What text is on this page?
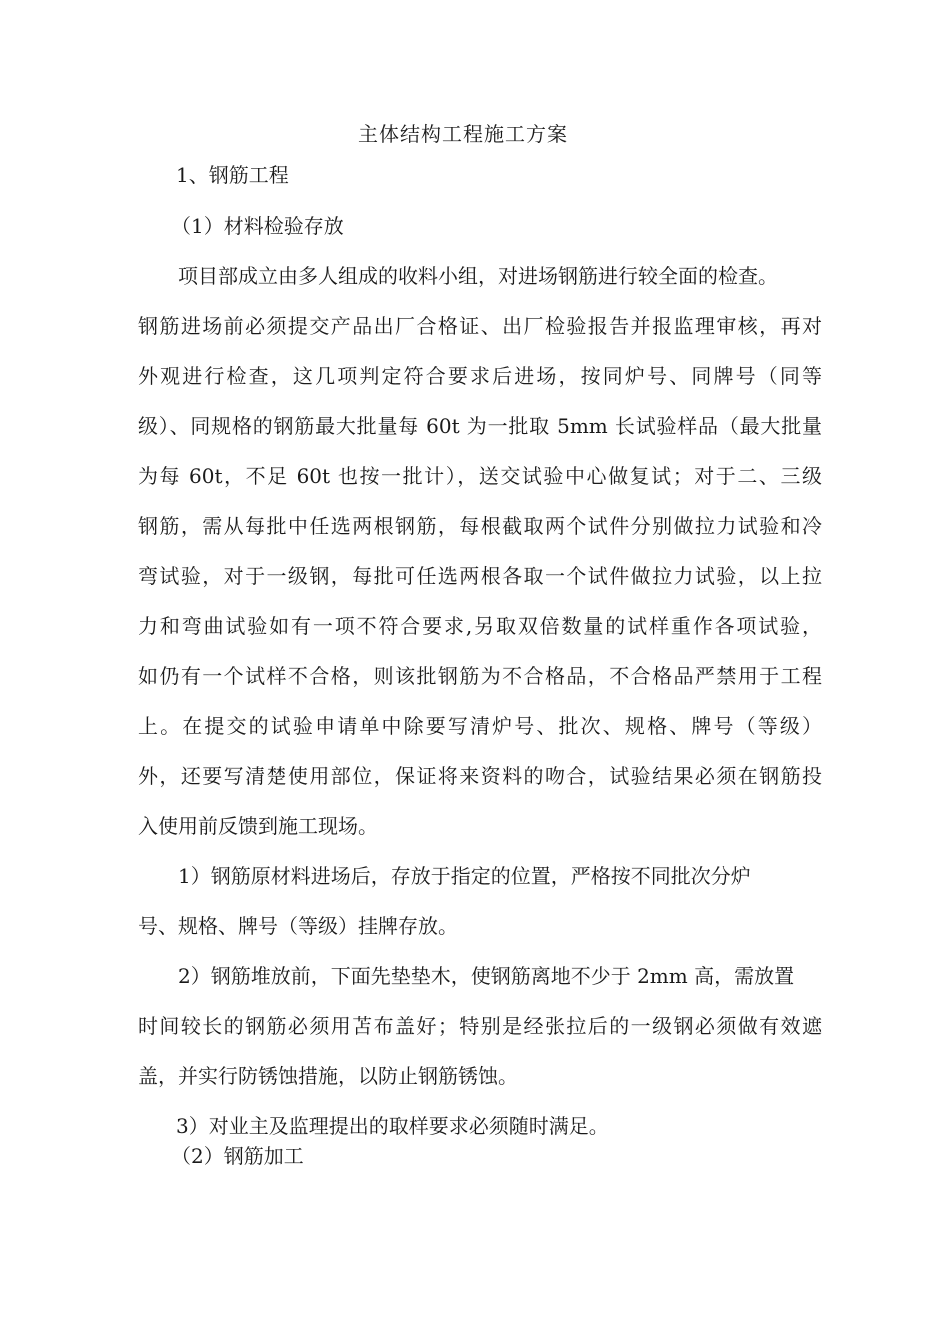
主体结构工程施工方案
1、钢筋工程
（1）材料检验存放
项目部成立由多人组成的收料小组，对进场钢筋进行较全面的检查。
钢筋进场前必须提交产品出厂合格证、出厂检验报告并报监理审核，再对
外观进行检查，这几项判定符合要求后进场，按同炉号、同牌号（同等
级）、同规格的钢筋最大批量每 60t 为一批取 5mm 长试验样品（最大批量
为每 60t，不足 60t 也按一批计），送交试验中心做复试；对于二、三级
钢筋，需从每批中任选两根钢筋，每根截取两个试件分别做拉力试验和冷
弯试验，对于一级钢，每批可任选两根各取一个试件做拉力试验，以上拉
力和弯曲试验如有一项不符合要求,另取双倍数量的试样重作各项试验，
如仍有一个试样不合格，则该批钢筋为不合格品，不合格品严禁用于工程
上。在提交的试验申请单中除要写清炉号、批次、规格、牌号（等级）
外，还要写清楚使用部位，保证将来资料的吻合，试验结果必须在钢筋投
入使用前反馈到施工现场。
1）钢筋原材料进场后，存放于指定的位置，严格按不同批次分炉
号、规格、牌号（等级）挂牌存放。
2）钢筋堆放前，下面先垫垫木，使钢筋离地不少于 2mm 高，需放置
时间较长的钢筋必须用苫布盖好；特别是经张拉后的一级钢必须做有效遮
盖，并实行防锈蚀措施，以防止钢筋锈蚀。
3）对业主及监理提出的取样要求必须随时满足。
（2）钢筋加工
